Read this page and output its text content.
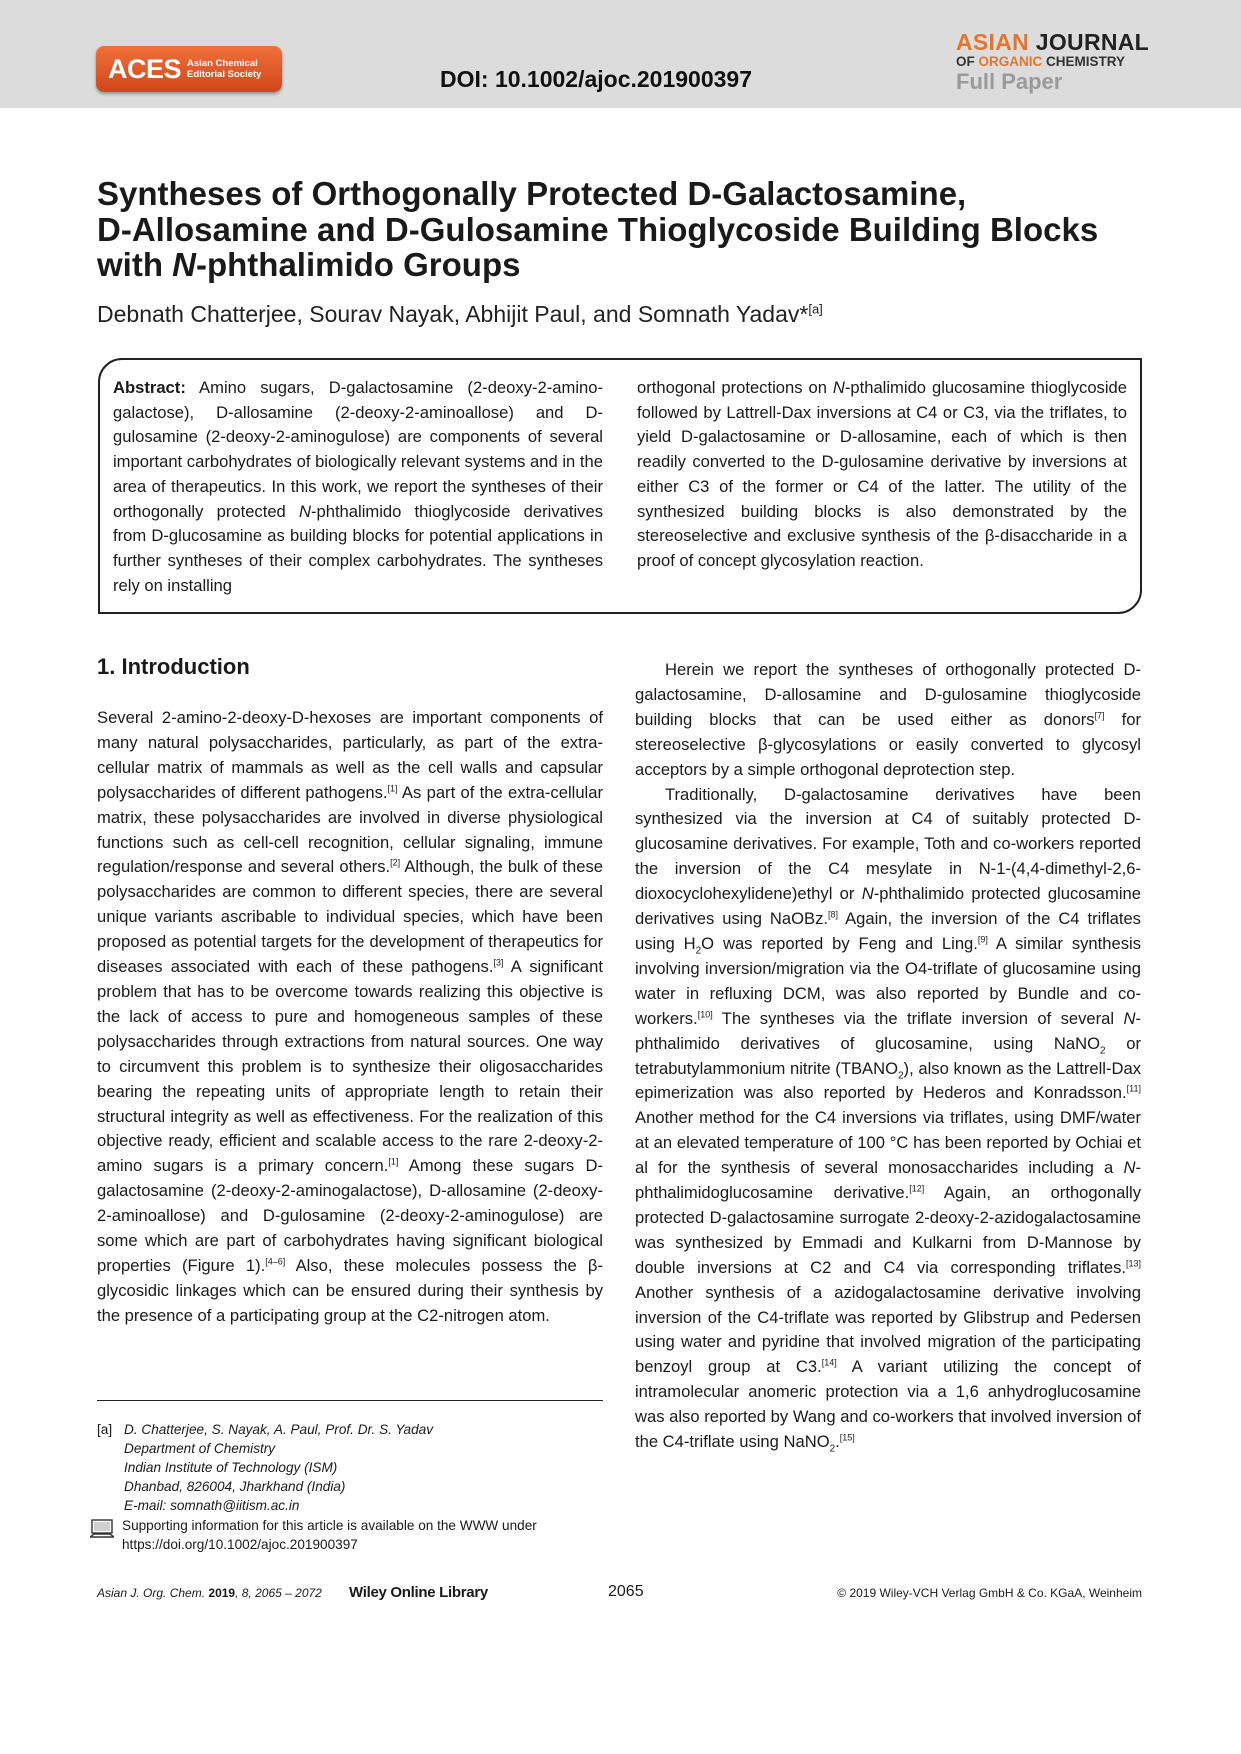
ACES Asian Chemical
Editorial Society	DOI: 10.1002/ajoc.201900397
ASIAN JOURNAL
OF ORGANIC CHEMISTRY
Full Paper
Syntheses of Orthogonally Protected D-Galactosamine,
D-Allosamine and D-Gulosamine Thioglycoside Building Blocks
with N-phthalimido Groups
Debnath Chatterjee, Sourav Nayak, Abhijit Paul, and Somnath Yadav*[a]
Abstract: Amino sugars, D-galactosamine (2-deoxy-2-amino-galactose), D-allosamine (2-deoxy-2-aminoallose) and D-gulosamine (2-deoxy-2-aminogulose) are components of several important carbohydrates of biologically relevant systems and in the area of therapeutics. In this work, we report the syntheses of their orthogonally protected N-phthalimido thioglycoside derivatives from D-glucosamine as building blocks for potential applications in further syntheses of their complex carbohydrates. The syntheses rely on installing
orthogonal protections on N-pthalimido glucosamine thioglycoside followed by Lattrell-Dax inversions at C4 or C3, via the triflates, to yield D-galactosamine or D-allosamine, each of which is then readily converted to the D-gulosamine derivative by inversions at either C3 of the former or C4 of the latter. The utility of the synthesized building blocks is also demonstrated by the stereoselective and exclusive synthesis of the β-disaccharide in a proof of concept glycosylation reaction.
1. Introduction
Several 2-amino-2-deoxy-D-hexoses are important components of many natural polysaccharides, particularly, as part of the extra-cellular matrix of mammals as well as the cell walls and capsular polysaccharides of different pathogens.[1] As part of the extra-cellular matrix, these polysaccharides are involved in diverse physiological functions such as cell-cell recognition, cellular signaling, immune regulation/response and several others.[2] Although, the bulk of these polysaccharides are common to different species, there are several unique variants ascribable to individual species, which have been proposed as potential targets for the development of therapeutics for diseases associated with each of these pathogens.[3] A significant problem that has to be overcome towards realizing this objective is the lack of access to pure and homogeneous samples of these polysaccharides through extractions from natural sources. One way to circumvent this problem is to synthesize their oligosaccharides bearing the repeating units of appropriate length to retain their structural integrity as well as effectiveness. For the realization of this objective ready, efficient and scalable access to the rare 2-deoxy-2-amino sugars is a primary concern.[1] Among these sugars D-galactosamine (2-deoxy-2-aminogalactose), D-allosamine (2-deoxy-2-aminoallose) and D-gulosamine (2-deoxy-2-aminogulose) are some which are part of carbohydrates having significant biological properties (Figure 1).[4–6] Also, these molecules possess the β-glycosidic linkages which can be ensured during their synthesis by the presence of a participating group at the C2-nitrogen atom.

Herein we report the syntheses of orthogonally protected D-galactosamine, D-allosamine and D-gulosamine thioglycoside building blocks that can be used either as donors[7] for stereoselective β-glycosylations or easily converted to glycosyl acceptors by a simple orthogonal deprotection step.

Traditionally, D-galactosamine derivatives have been synthesized via the inversion at C4 of suitably protected D-glucosamine derivatives. For example, Toth and co-workers reported the inversion of the C4 mesylate in N-1-(4,4-dimethyl-2,6-dioxocyclohexylidene)ethyl or N-phthalimido protected glucosamine derivatives using NaOBz.[8] Again, the inversion of the C4 triflates using $H_2O$ was reported by Feng and Ling.[9] A similar synthesis involving inversion/migration via the O4-triflate of glucosamine using water in refluxing DCM, was also reported by Bundle and co-workers.[10] The syntheses via the triflate inversion of several N-phthalimido derivatives of glucosamine, using NaNO$_2$ or tetrabutylammonium nitrite $(TBANO_2)$, also known as the Lattrell-Dax epimerization was also reported by Hederos and Konradsson.[11] Another method for the C4 inversions via triflates, using DMF/water at an elevated temperature of 100 °C has been reported by Ochiai et al for the synthesis of several monosaccharides including a N-phthalimidoglucosamine derivative.[12] Again, an orthogonally protected D-galactosamine surrogate 2-deoxy-2-azidogalactosamine was synthesized by Emmadi and Kulkarni from D-Mannose by double inversions at C2 and C4 via corresponding triflates.[13] Another synthesis of a azidogalactosamine derivative involving inversion of the C4-triflate was reported by Glibstrup and Pedersen using water and pyridine that involved migration of the participating benzoyl group at C3.[14] A variant utilizing the concept of intramolecular anomeric protection via a 1,6 anhydroglucosamine was also reported by Wang and co-workers that involved inversion of the C4-triflate using NaNO$_2$.[15]

[a] D. Chatterjee, S. Nayak, A. Paul, Prof. Dr. S. Yadav
Department of Chemistry
Indian Institute of Technology (ISM)
Dhanbad, 826004, Jharkhand (India)
E-mail: somnath@iitism.ac.in
Supporting information for this article is available on the WWW under
https://doi.org/10.1002/ajoc.201900397
Asian J. Org. Chem. 2019, 8, 2065 – 2072 Wiley Online Library	2065	© 2019 Wiley-VCH Verlag GmbH & Co. KGaA, Weinheim
